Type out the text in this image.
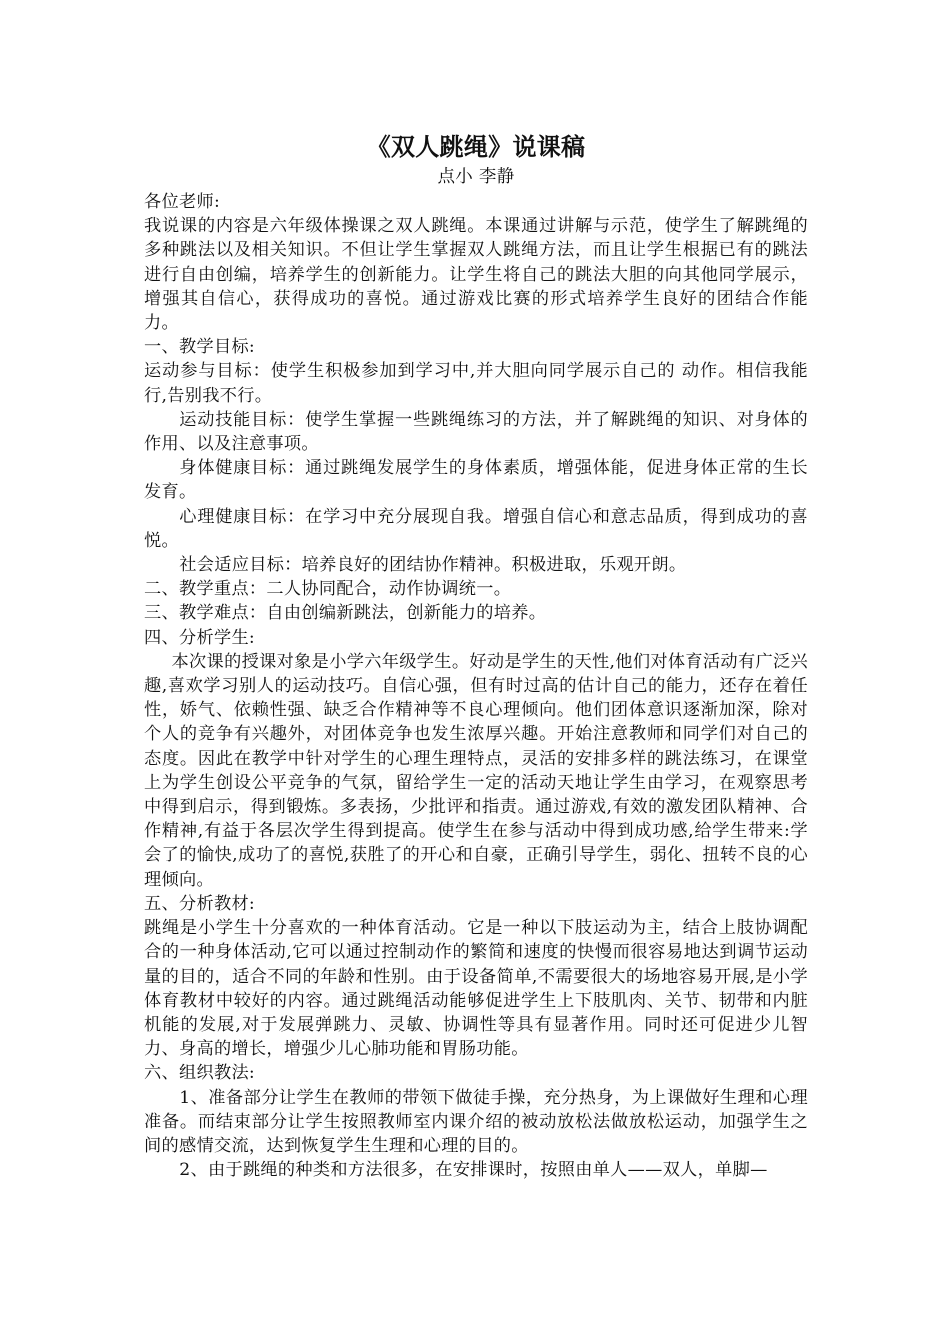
《双人跳绳》说课稿
点小 李静

各位老师:

我说课的内容是六年级体操课之双人跳绳。本课通过讲解与示范，使学生了解跳绳的多种跳法以及相关知识。不但让学生掌握双人跳绳方法，而且让学生根据已有的跳法进行自由创编，培养学生的创新能力。让学生将自己的跳法大胆的向其他同学展示，增强其自信心，获得成功的喜悦。通过游戏比赛的形式培养学生良好的团结合作能力。

一、教学目标:

运动参与目标：使学生积极参加到学习中,并大胆向同学展示自己的 动作。相信我能行,告别我不行。

运动技能目标：使学生掌握一些跳绳练习的方法，并了解跳绳的知识、对身体的作用、以及注意事项。

身体健康目标：通过跳绳发展学生的身体素质，增强体能，促进身体正常的生长发育。

心理健康目标：在学习中充分展现自我。增强自信心和意志品质，得到成功的喜悦。

社会适应目标：培养良好的团结协作精神。积极进取，乐观开朗。

二、教学重点：二人协同配合，动作协调统一。

三、教学难点：自由创编新跳法，创新能力的培养。

四、分析学生:

本次课的授课对象是小学六年级学生。好动是学生的天性,他们对体育活动有广泛兴趣,喜欢学习别人的运动技巧。自信心强，但有时过高的估计自己的能力，还存在着任性，娇气、依赖性强、缺乏合作精神等不良心理倾向。他们团体意识逐渐加深，除对个人的竞争有兴趣外，对团体竞争也发生浓厚兴趣。开始注意教师和同学们对自己的态度。因此在教学中针对学生的心理生理特点，灵活的安排多样的跳法练习，在课堂上为学生创设公平竞争的气氛，留给学生一定的活动天地让学生由学习，在观察思考中得到启示，得到锻炼。多表扬，少批评和指责。通过游戏,有效的激发团队精神、合作精神,有益于各层次学生得到提高。使学生在参与活动中得到成功感,给学生带来:学会了的愉快,成功了的喜悦,获胜了的开心和自豪，正确引导学生，弱化、扭转不良的心理倾向。

五、分析教材:

跳绳是小学生十分喜欢的一种体育活动。它是一种以下肢运动为主，结合上肢协调配合的一种身体活动,它可以通过控制动作的繁简和速度的快慢而很容易地达到调节运动量的目的，适合不同的年龄和性别。由于设备简单,不需要很大的场地容易开展,是小学体育教材中较好的内容。通过跳绳活动能够促进学生上下肢肌肉、关节、韧带和内脏机能的发展,对于发展弹跳力、灵敏、协调性等具有显著作用。同时还可促进少儿智力、身高的增长，增强少儿心肺功能和胃肠功能。

六、组织教法:

1、准备部分让学生在教师的带领下做徒手操，充分热身，为上课做好生理和心理准备。而结束部分让学生按照教师室内课介绍的被动放松法做放松运动，加强学生之间的感情交流，达到恢复学生生理和心理的目的。

2、由于跳绳的种类和方法很多，在安排课时，按照由单人——双人，单脚—
